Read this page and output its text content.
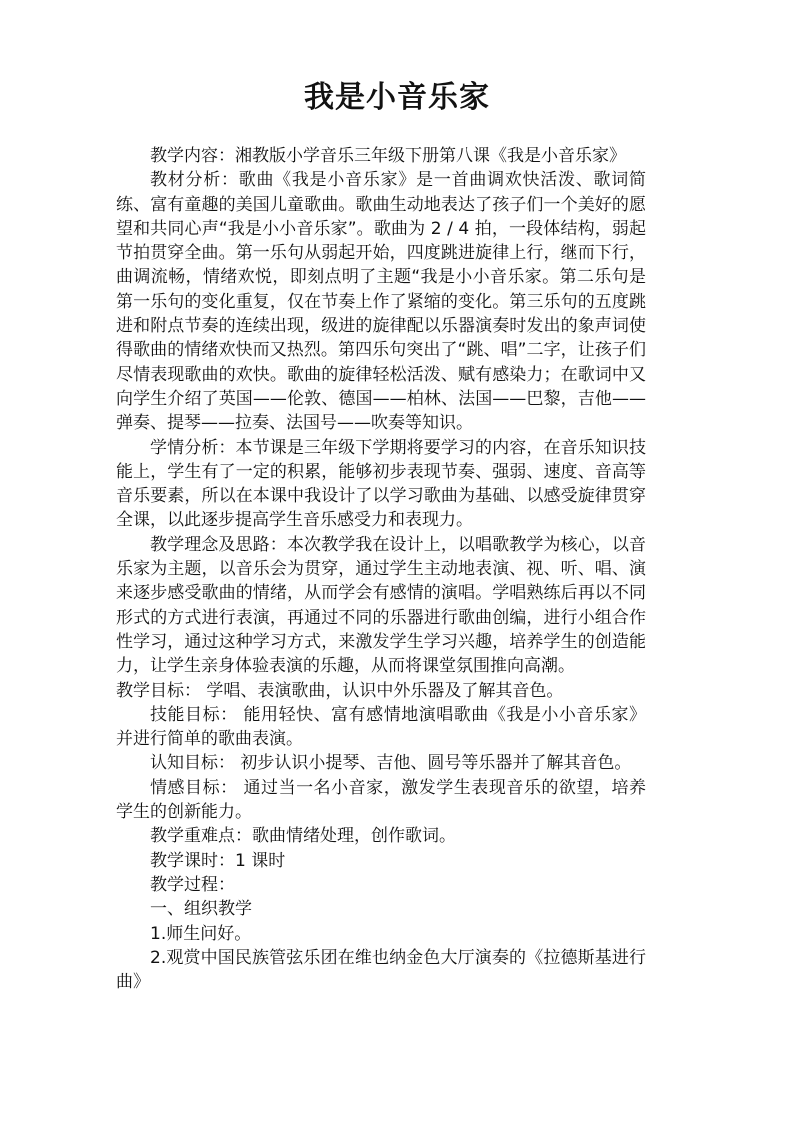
我是小音乐家

教学内容：湘教版小学音乐三年级下册第八课《我是小音乐家》

教材分析：歌曲《我是小音乐家》是一首曲调欢快活泼、歌词简练、富有童趣的美国儿童歌曲。歌曲生动地表达了孩子们一个美好的愿望和共同心声“我是小小音乐家”。歌曲为 2 / 4 拍，一段体结构，弱起节拍贯穿全曲。第一乐句从弱起开始，四度跳进旋律上行，继而下行，曲调流畅，情绪欢悦，即刻点明了主题“我是小小音乐家。第二乐句是第一乐句的变化重复，仅在节奏上作了紧缩的变化。第三乐句的五度跳进和附点节奏的连续出现，级进的旋律配以乐器演奏时发出的象声词使得歌曲的情绪欢快而又热烈。第四乐句突出了“跳、唱”二字，让孩子们尽情表现歌曲的欢快。歌曲的旋律轻松活泼、赋有感染力；在歌词中又向学生介绍了英国——伦敦、德国——柏林、法国——巴黎，吉他——弹奏、提琴——拉奏、法国号——吹奏等知识。

学情分析：本节课是三年级下学期将要学习的内容，在音乐知识技能上，学生有了一定的积累，能够初步表现节奏、强弱、速度、音高等音乐要素，所以在本课中我设计了以学习歌曲为基础、以感受旋律贯穿全课，以此逐步提高学生音乐感受力和表现力。

教学理念及思路：本次教学我在设计上，以唱歌教学为核心，以音乐家为主题，以音乐会为贯穿，通过学生主动地表演、视、听、唱、演来逐步感受歌曲的情绪，从而学会有感情的演唱。学唱熟练后再以不同形式的方式进行表演，再通过不同的乐器进行歌曲创编，进行小组合作性学习，通过这种学习方式，来激发学生学习兴趣，培养学生的创造能力，让学生亲身体验表演的乐趣，从而将课堂氛围推向高潮。

教学目标： 学唱、表演歌曲，认识中外乐器及了解其音色。

技能目标： 能用轻快、富有感情地演唱歌曲《我是小小音乐家》并进行简单的歌曲表演。

认知目标： 初步认识小提琴、吉他、圆号等乐器并了解其音色。

情感目标： 通过当一名小音家，激发学生表现音乐的欲望，培养学生的创新能力。

教学重难点：歌曲情绪处理，创作歌词。

教学课时：1 课时

教学过程：

一、组织教学

1.师生问好。

2.观赏中国民族管弦乐团在维也纳金色大厅演奏的《拉德斯基进行曲》
